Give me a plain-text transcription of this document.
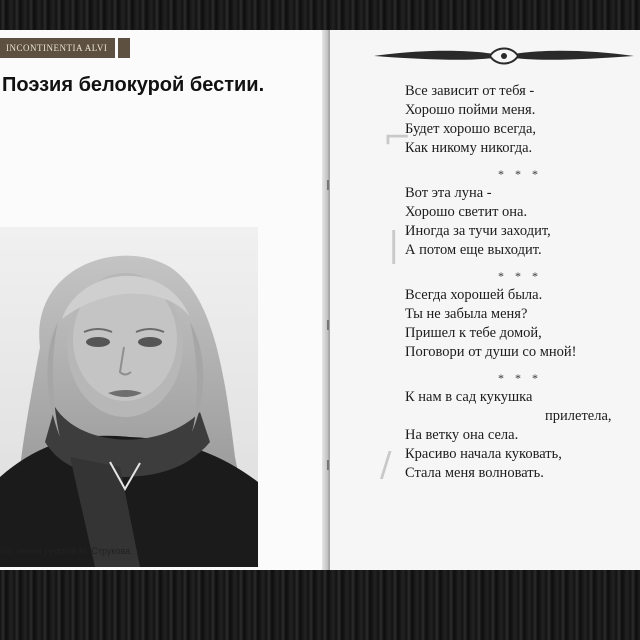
INCONTINENTIA ALVI
Поэзия белокурой бестии.
оэт земли русской М. Струкова.
⌐
|
/
Все зависит от тебя -
Хорошо пойми меня.
Будет хорошо всегда,
Как никому никогда.
* * *
Вот эта луна -
Хорошо светит она.
Иногда за тучи заходит,
А потом еще выходит.
* * *
Всегда хорошей была.
Ты не забыла меня?
Пришел к тебе домой,
Поговори от души со мной!
* * *
К нам в сад кукушка
прилетела,
На ветку она села.
Красиво начала куковать,
Стала меня волновать.
